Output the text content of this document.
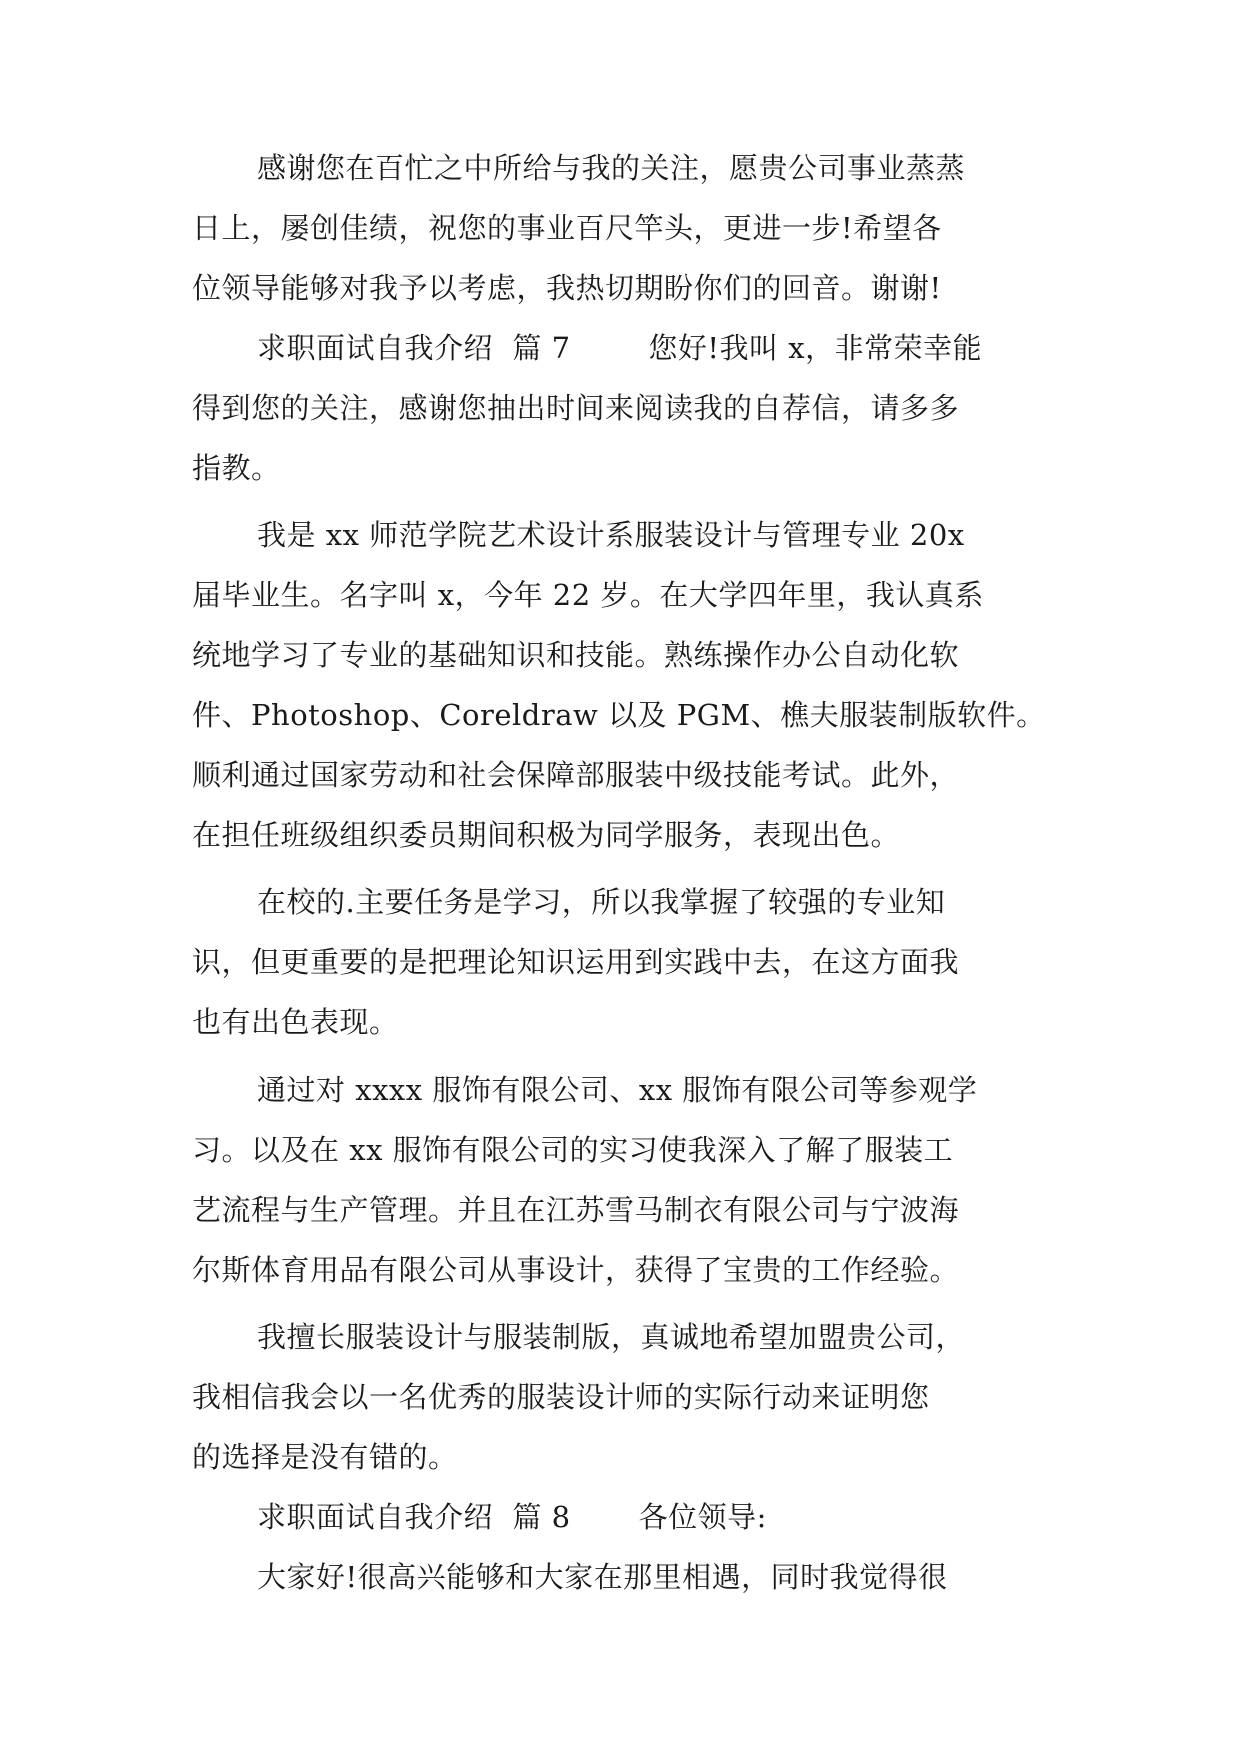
感谢您在百忙之中所给与我的关注，愿贵公司事业蒸蒸
日上，屡创佳绩，祝您的事业百尺竿头，更进一步!希望各
位领导能够对我予以考虑，我热切期盼你们的回音。谢谢!
求职面试自我介绍  篇 7        您好!我叫 x，非常荣幸能
得到您的关注，感谢您抽出时间来阅读我的自荐信，请多多
指教。
我是 xx 师范学院艺术设计系服装设计与管理专业 20x
届毕业生。名字叫 x，今年 22 岁。在大学四年里，我认真系
统地学习了专业的基础知识和技能。熟练操作办公自动化软
件、Photoshop、Coreldraw 以及 PGM、樵夫服装制版软件。
顺利通过国家劳动和社会保障部服装中级技能考试。此外，
在担任班级组织委员期间积极为同学服务，表现出色。
在校的.主要任务是学习，所以我掌握了较强的专业知
识，但更重要的是把理论知识运用到实践中去，在这方面我
也有出色表现。
通过对 xxxx 服饰有限公司、xx 服饰有限公司等参观学
习。以及在 xx 服饰有限公司的实习使我深入了解了服装工
艺流程与生产管理。并且在江苏雪马制衣有限公司与宁波海
尔斯体育用品有限公司从事设计，获得了宝贵的工作经验。
我擅长服装设计与服装制版，真诚地希望加盟贵公司，
我相信我会以一名优秀的服装设计师的实际行动来证明您
的选择是没有错的。
求职面试自我介绍  篇 8       各位领导:
大家好!很高兴能够和大家在那里相遇，同时我觉得很
